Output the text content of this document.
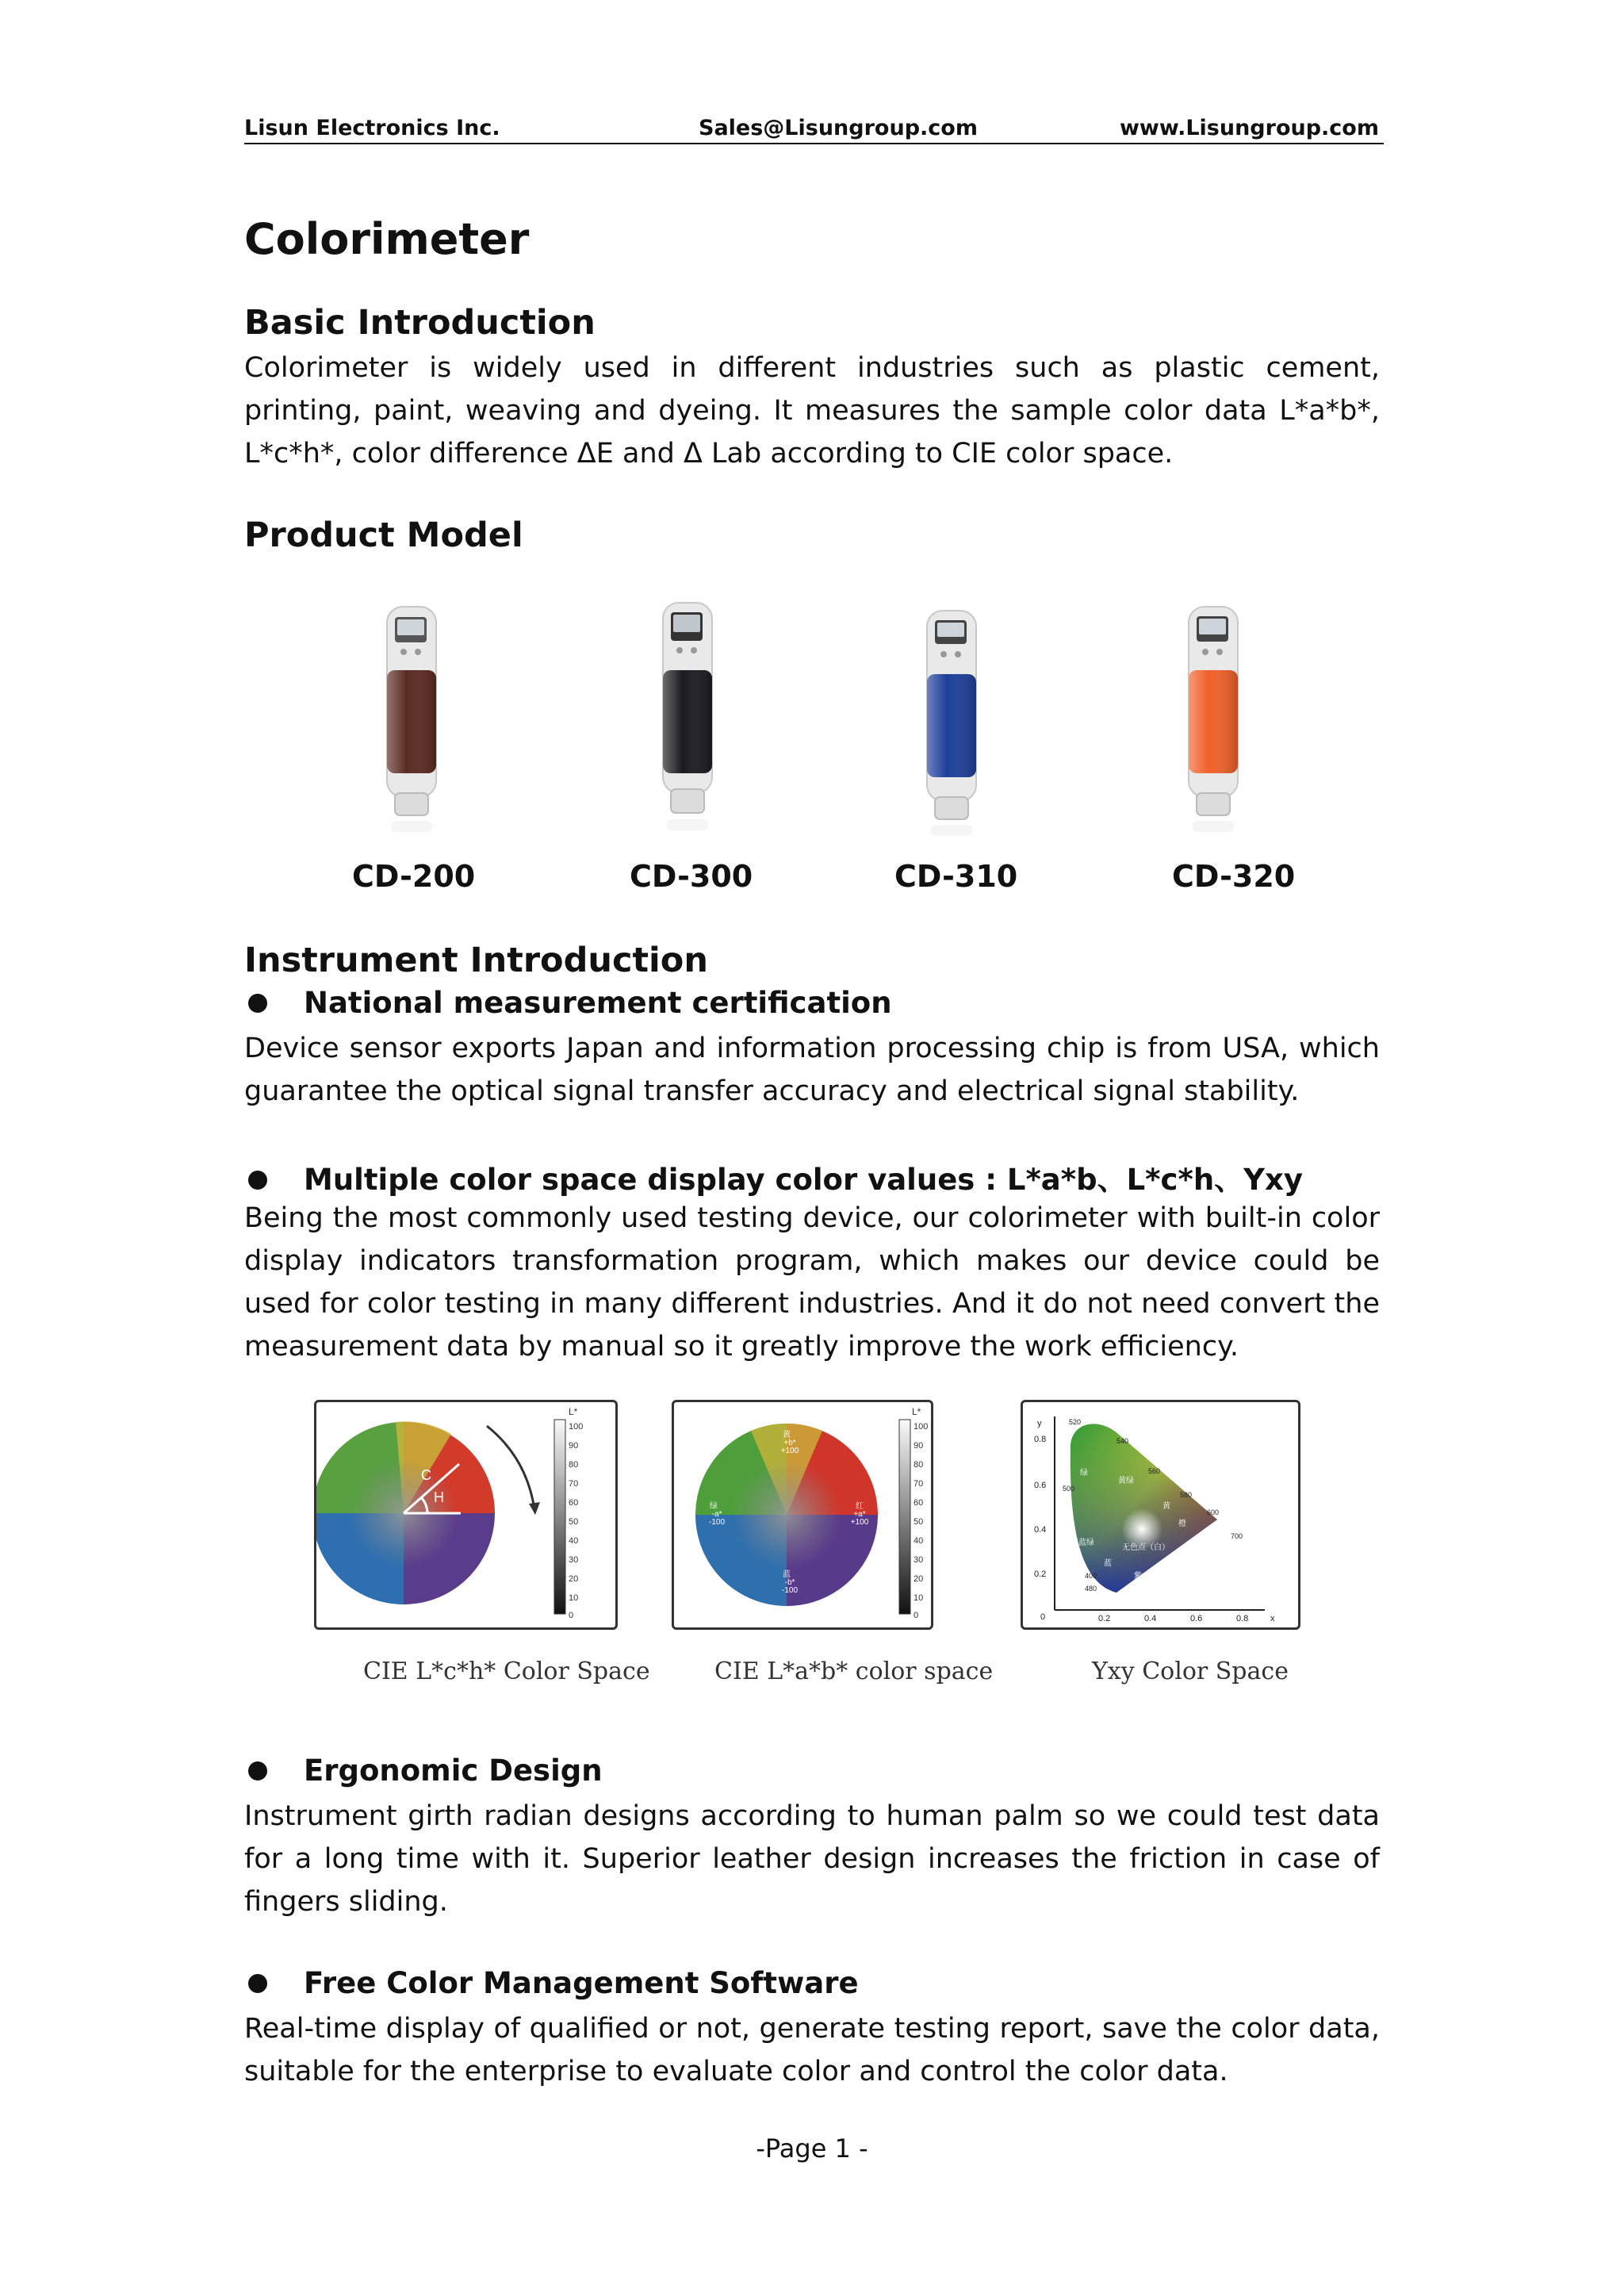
Lisun Electronics Inc.	Sales@Lisungroup.com	www.Lisungroup.com
Colorimeter
Basic Introduction
Colorimeter is widely used in different industries such as plastic cement, printing, paint, weaving and dyeing. It measures the sample color data L*a*b*, L*c*h*, color difference ΔE and Δ Lab according to CIE color space.
Product Model
CD-200	CD-300	CD-310	CD-320
Instrument Introduction
National measurement certification
Device sensor exports Japan and information processing chip is from USA, which guarantee the optical signal transfer accuracy and electrical signal stability.
Multiple color space display color values : L*a*b、L*c*h、Yxy
Being the most commonly used testing device, our colorimeter with built-in color display indicators transformation program, which makes our device could be used for color testing in many different industries. And it do not need convert the measurement data by manual so it greatly improve the work efficiency.
C
H
L*
100
90
80
70
60
50
40
30
20
10
0
黄
+b*
+100
蓝
-b*
-100
绿
-a*
-100
红
+a*
+100
L*
100
90
80
70
60
50
40
30
20
10
0
y
x
0.8
0.6
0.4
0.2
0	0.2	0.4	0.6	0.8
520
540
560
580
600
700
500
480
400
绿
黄绿
黄
橙
红
蓝绿
蓝
紫
无色点（白）
CIE L*c*h* Color Space	CIE L*a*b* color space	Yxy Color Space
Ergonomic Design
Instrument girth radian designs according to human palm so we could test data for a long time with it. Superior leather design increases the friction in case of fingers sliding.
Free Color Management Software
Real-time display of qualified or not, generate testing report, save the color data, suitable for the enterprise to evaluate color and control the color data.
-Page 1 -
